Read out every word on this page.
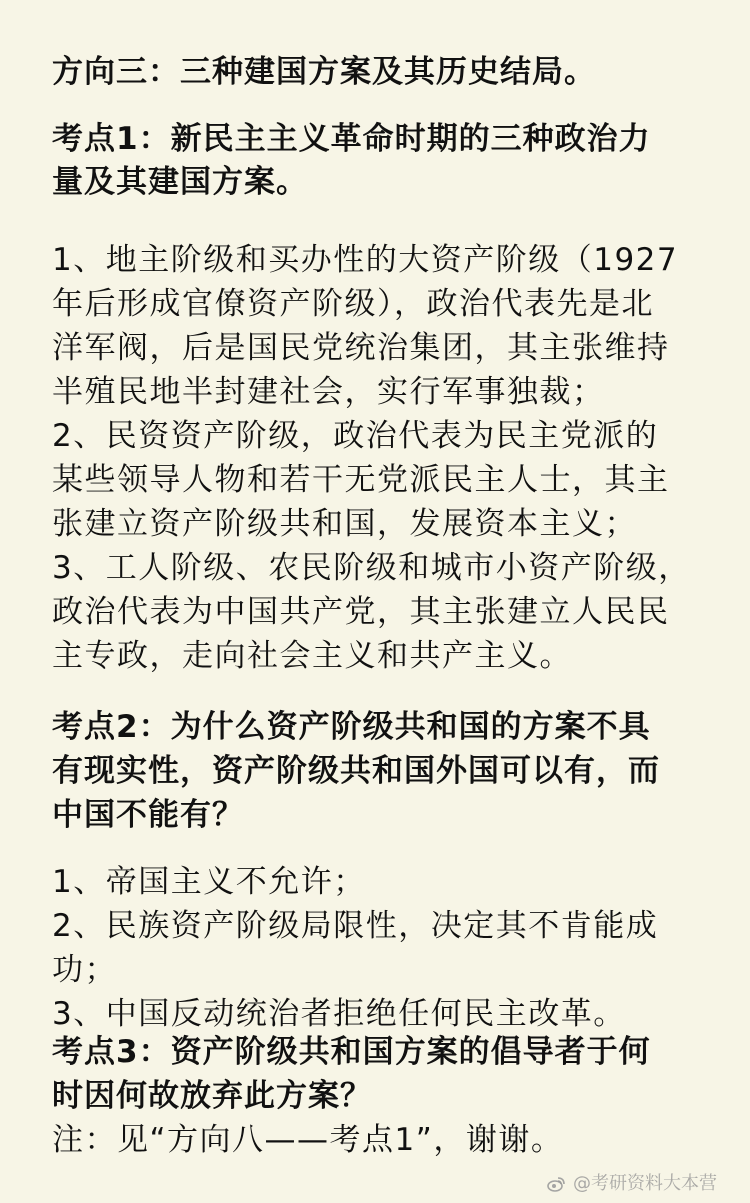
方向三：三种建国方案及其历史结局。
考点1：新民主主义革命时期的三种政治力
量及其建国方案。
1、地主阶级和买办性的大资产阶级（1927
年后形成官僚资产阶级），政治代表先是北
洋军阀，后是国民党统治集团，其主张维持
半殖民地半封建社会，实行军事独裁；
2、民资资产阶级，政治代表为民主党派的
某些领导人物和若干无党派民主人士，其主
张建立资产阶级共和国，发展资本主义；
3、工人阶级、农民阶级和城市小资产阶级，
政治代表为中国共产党，其主张建立人民民
主专政，走向社会主义和共产主义。
考点2：为什么资产阶级共和国的方案不具
有现实性，资产阶级共和国外国可以有，而
中国不能有？
1、帝国主义不允许；
2、民族资产阶级局限性，决定其不肯能成
功；
3、中国反动统治者拒绝任何民主改革。
考点3：资产阶级共和国方案的倡导者于何
时因何故放弃此方案？
注：见“方向八——考点1”，谢谢。
@考研资料大本营
